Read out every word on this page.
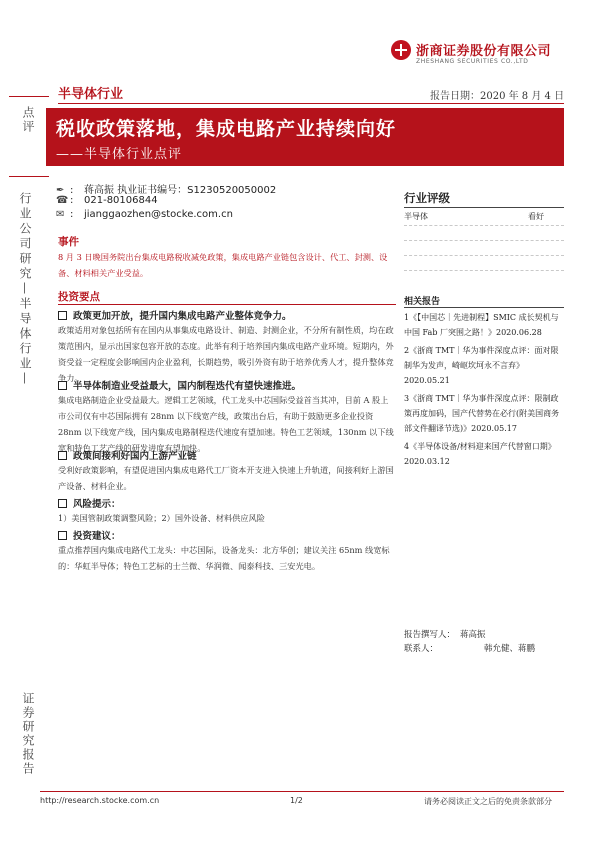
浙商证券股份有限公司
ZHESHANG SECURITIES CO.,LTD
点评
行业公司研究—半导体行业—
证券研究报告
半导体行业	报告日期：2020 年 8 月 4 日
税收政策落地，集成电路产业持续向好
——半导体行业点评
✒ : 蒋高振 执业证书编号：S1230520050002
☎ : 021-80106844
✉ : jianggaozhen@stocke.com.cn
事件
8 月 3 日晚国务院出台集成电路税收减免政策，集成电路产业链包含设计、代工、封测、设备、材料相关产业受益。
投资要点
政策更加开放，提升国内集成电路产业整体竞争力。
政策适用对象包括所有在国内从事集成电路设计、制造、封测企业，不分所有制性质，均在政策范围内，显示出国家包容开放的态度。此举有利于培养国内集成电路产业环境。短期内，外资受益一定程度会影响国内企业盈利，长期趋势，吸引外资有助于培养优秀人才，提升整体竞争力。
半导体制造业受益最大，国内制程迭代有望快速推进。
集成电路制造企业受益最大。逻辑工艺领域，代工龙头中芯国际受益首当其冲，目前 A 股上市公司仅有中芯国际拥有 28nm 以下线宽产线，政策出台后，有助于鼓励更多企业投资 28nm 以下线宽产线，国内集成电路制程迭代速度有望加速。特色工艺领域，130nm 以下线宽和特色工艺产线的研发进度有望加快。
政策间接利好国内上游产业链
受利好政策影响，有望促进国内集成电路代工厂资本开支进入快速上升轨道，间接利好上游国产设备、材料企业。
风险提示：
1）美国管制政策调整风险；2）国外设备、材料供应风险
投资建议：
重点推荐国内集成电路代工龙头：中芯国际，设备龙头：北方华创；建议关注 65nm 线宽标的：华虹半导体；特色工艺标的士兰微、华润微、闻泰科技、三安光电。
行业评级
半导体	看好
相关报告
1《【中国芯｜先进制程】SMIC 成长契机与中国 Fab 厂突围之路！》2020.06.28
2《浙商 TMT｜华为事件深度点评：面对限制华为发声，崎岖坎坷永不言弃》2020.05.21
3《浙商 TMT｜华为事件深度点评：限制政策再度加码，国产代替势在必行(附美国商务部文件翻译节选)》2020.05.17
4《半导体设备/材料迎来国产代替窗口期》2020.03.12
报告撰写人： 蒋高振
联系人：	韩允健、蒋鹏
http://research.stocke.com.cn	1/2	请务必阅读正文之后的免责条款部分
